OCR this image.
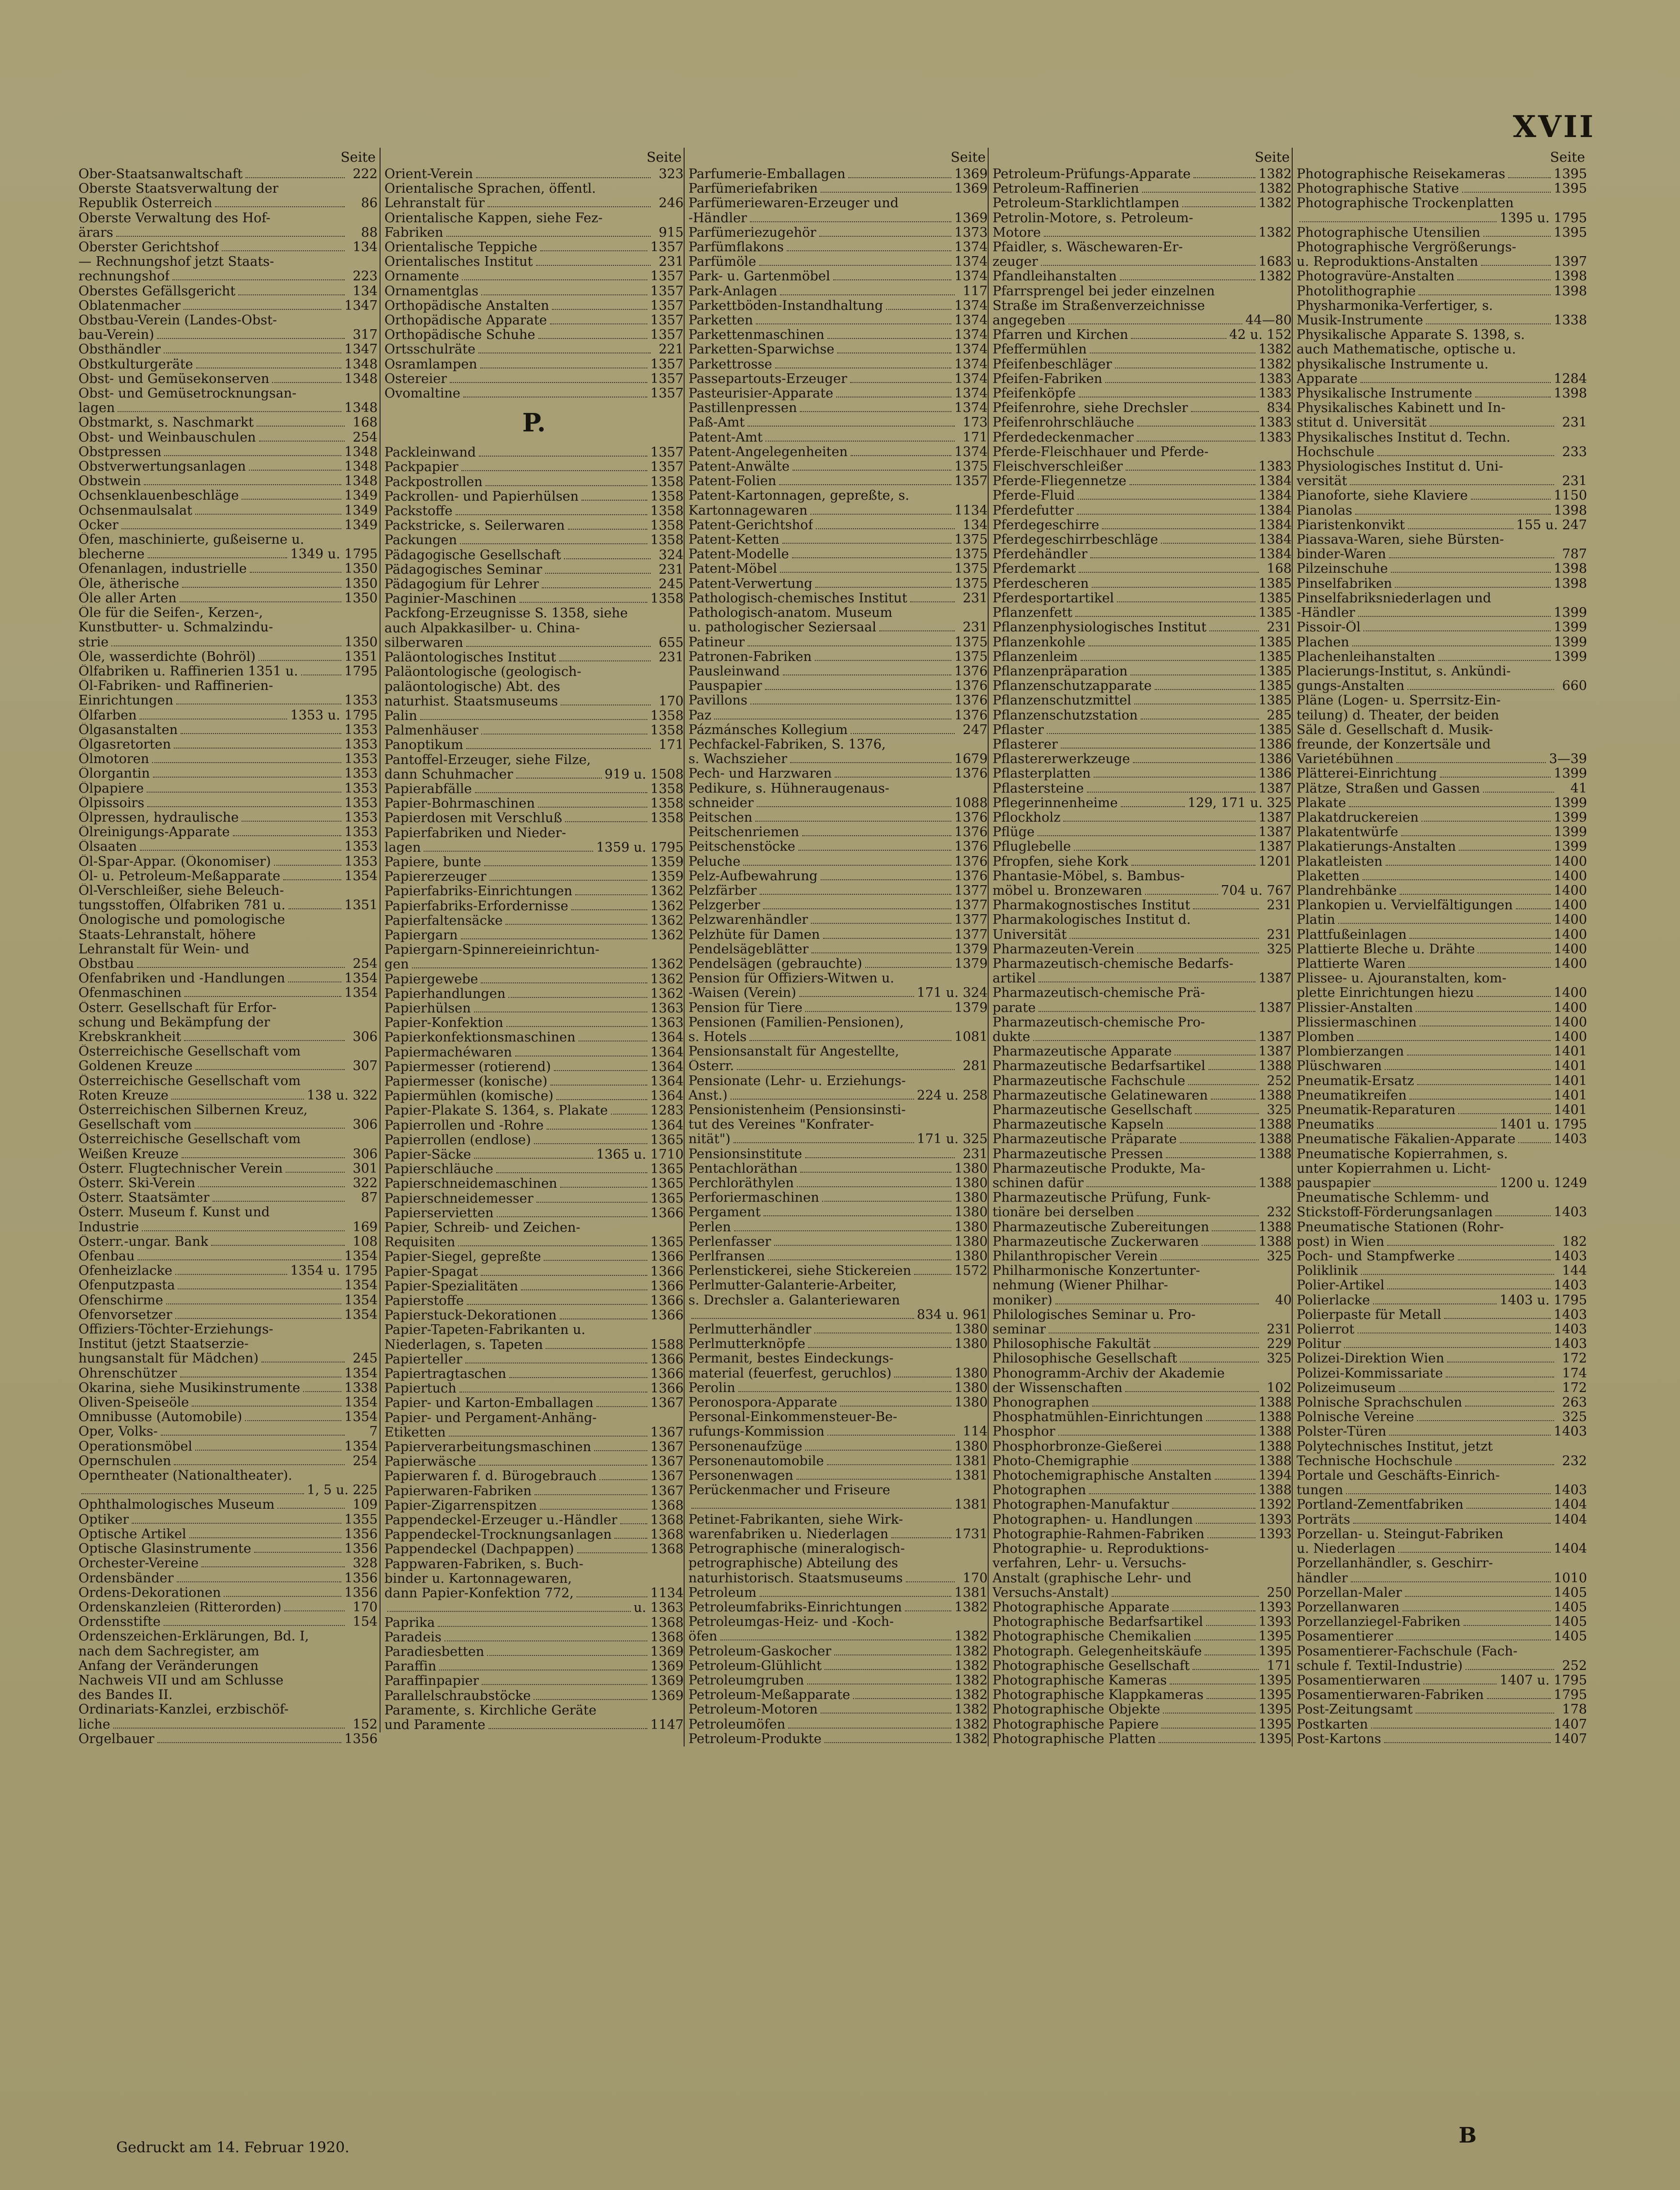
XVII
Seite
Ober-Staatsanwaltschaft	222
Oberste Staatsverwaltung der
Republik Österreich	86
Oberste Verwaltung des Hof-
ärars	88
Oberster Gerichtshof	134
— Rechnungshof jetzt Staats-
rechnungshof	223
Oberstes Gefällsgericht	134
Oblatenmacher	1347
Obstbau-Verein (Landes-Obst-
bau-Verein)	317
Obsthändler	1347
Obstkulturgeräte	1348
Obst- und Gemüsekonserven	1348
Obst- und Gemüsetrocknungsan-
lagen	1348
Obstmarkt, s. Naschmarkt	168
Obst- und Weinbauschulen	254
Obstpressen	1348
Obstverwertungsanlagen	1348
Obstwein	1348
Ochsenklauenbeschläge	1349
Ochsenmaulsalat	1349
Ocker	1349
Öfen, maschinierte, gußeiserne u.
blecherne	1349 u. 1795
Ofenanlagen, industrielle	1350
Öle, ätherische	1350
Öle aller Arten	1350
Öle für die Seifen-, Kerzen-,
Kunstbutter- u. Schmalzindu-
strie	1350
Öle, wasserdichte (Bohröl)	1351
Ölfabriken u. Raffinerien 1351 u.	1795
Öl-Fabriken- und Raffinerien-
Einrichtungen	1353
Ölfarben	1353 u. 1795
Ölgasanstalten	1353
Ölgasretorten	1353
Ölmotoren	1353
Ölorgantin	1353
Ölpapiere	1353
Ölpissoirs	1353
Ölpressen, hydraulische	1353
Ölreinigungs-Apparate	1353
Ölsaaten	1353
Öl-Spar-Appar. (Ökonomiser)	1353
Öl- u. Petroleum-Meßapparate	1354
Öl-Verschleißer, siehe Beleuch-
tungsstoffen, Ölfabriken 781 u.	1351
Önologische und pomologische
Staats-Lehranstalt, höhere
Lehranstalt für Wein- und
Obstbau	254
Ofenfabriken und -Handlungen	1354
Ofenmaschinen	1354
Österr. Gesellschaft für Erfor-
schung und Bekämpfung der
Krebskrankheit	306
Österreichische Gesellschaft vom
Goldenen Kreuze	307
Österreichische Gesellschaft vom
Roten Kreuze	138 u. 322
Österreichischen Silbernen Kreuz,
Gesellschaft vom	306
Österreichische Gesellschaft vom
Weißen Kreuze	306
Österr. Flugtechnischer Verein	301
Österr. Ski-Verein	322
Österr. Staatsämter	87
Österr. Museum f. Kunst und
Industrie	169
Österr.-ungar. Bank	108
Ofenbau	1354
Ofenheizlacke	1354 u. 1795
Ofenputzpasta	1354
Ofenschirme	1354
Ofenvorsetzer	1354
Offiziers-Töchter-Erziehungs-
Institut (jetzt Staatserzie-
hungsanstalt für Mädchen)	245
Ohrenschützer	1354
Okarina, siehe Musikinstrumente	1338
Oliven-Speiseöle	1354
Omnibusse (Automobile)	1354
Oper, Volks-	7
Operationsmöbel	1354
Opernschulen	254
Operntheater (Nationaltheater).
1, 5 u. 225
Ophthalmologisches Museum	109
Optiker	1355
Optische Artikel	1356
Optische Glasinstrumente	1356
Orchester-Vereine	328
Ordensbänder	1356
Ordens-Dekorationen	1356
Ordenskanzleien (Ritterorden)	170
Ordensstifte	154
Ordenszeichen-Erklärungen, Bd. I,
nach dem Sachregister, am
Anfang der Veränderungen
Nachweis VII und am Schlusse
des Bandes II.
Ordinariats-Kanzlei, erzbischöf-
liche	152
Orgelbauer	1356
Seite
Orient-Verein	323
Orientalische Sprachen, öffentl.
Lehranstalt für	246
Orientalische Kappen, siehe Fez-
Fabriken	915
Orientalische Teppiche	1357
Orientalisches Institut	231
Ornamente	1357
Ornamentglas	1357
Orthopädische Anstalten	1357
Orthopädische Apparate	1357
Orthopädische Schuhe	1357
Ortsschulräte	221
Osramlampen	1357
Ostereier	1357
Ovomaltine	1357
P.
Packleinwand	1357
Packpapier	1357
Packpostrollen	1358
Packrollen- und Papierhülsen	1358
Packstoffe	1358
Packstricke, s. Seilerwaren	1358
Packungen	1358
Pädagogische Gesellschaft	324
Pädagogisches Seminar	231
Pädagogium für Lehrer	245
Paginier-Maschinen	1358
Packfong-Erzeugnisse S. 1358, siehe
auch Alpakkasilber- u. China-
silberwaren	655
Paläontologisches Institut	231
Paläontologische (geologisch-
paläontologische) Abt. des
naturhist. Staatsmuseums	170
Palin	1358
Palmenhäuser	1358
Panoptikum	171
Pantoffel-Erzeuger, siehe Filze,
dann Schuhmacher	919 u. 1508
Papierabfälle	1358
Papier-Bohrmaschinen	1358
Papierdosen mit Verschluß	1358
Papierfabriken und Nieder-
lagen	1359 u. 1795
Papiere, bunte	1359
Papiererzeuger	1359
Papierfabriks-Einrichtungen	1362
Papierfabriks-Erfordernisse	1362
Papierfaltensäcke	1362
Papiergarn	1362
Papiergarn-Spinnereieinrichtun-
gen	1362
Papiergewebe	1362
Papierhandlungen	1362
Papierhülsen	1363
Papier-Konfektion	1363
Papierkonfektionsmaschinen	1364
Papiermachéwaren	1364
Papiermesser (rotierend)	1364
Papiermesser (konische)	1364
Papiermühlen (komische)	1364
Papier-Plakate S. 1364, s. Plakate	1283
Papierrollen und -Rohre	1364
Papierrollen (endlose)	1365
Papier-Säcke	1365 u. 1710
Papierschläuche	1365
Papierschneidemaschinen	1365
Papierschneidemesser	1365
Papierservietten	1366
Papier, Schreib- und Zeichen-
Requisiten	1365
Papier-Siegel, gepreßte	1366
Papier-Spagat	1366
Papier-Spezialitäten	1366
Papierstoffe	1366
Papierstuck-Dekorationen	1366
Papier-Tapeten-Fabrikanten u.
Niederlagen, s. Tapeten	1588
Papierteller	1366
Papiertragtaschen	1366
Papiertuch	1366
Papier- und Karton-Emballagen	1367
Papier- und Pergament-Anhäng-
Etiketten	1367
Papierverarbeitungsmaschinen	1367
Papierwäsche	1367
Papierwaren f. d. Bürogebrauch	1367
Papierwaren-Fabriken	1367
Papier-Zigarrenspitzen	1368
Pappendeckel-Erzeuger u.-Händler	1368
Pappendeckel-Trocknungsanlagen	1368
Pappendeckel (Dachpappen)	1368
Pappwaren-Fabriken, s. Buch-
binder u. Kartonnagewaren,
dann Papier-Konfektion 772,	1134
u. 1363
Paprika	1368
Paradeis	1368
Paradiesbetten	1369
Paraffin	1369
Paraffinpapier	1369
Parallelschraubstöcke	1369
Paramente, s. Kirchliche Geräte
und Paramente	1147
Seite
Parfumerie-Emballagen	1369
Parfümeriefabriken	1369
Parfümeriewaren-Erzeuger und
-Händler	1369
Parfümeriezugehör	1373
Parfümflakons	1374
Parfümöle	1374
Park- u. Gartenmöbel	1374
Park-Anlagen	117
Parkettböden-Instandhaltung	1374
Parketten	1374
Parkettenmaschinen	1374
Parketten-Sparwichse	1374
Parkettrosse	1374
Passepartouts-Erzeuger	1374
Pasteurisier-Apparate	1374
Pastillenpressen	1374
Paß-Amt	173
Patent-Amt	171
Patent-Angelegenheiten	1374
Patent-Anwälte	1375
Patent-Folien	1357
Patent-Kartonnagen, gepreßte, s.
Kartonnagewaren	1134
Patent-Gerichtshof	134
Patent-Ketten	1375
Patent-Modelle	1375
Patent-Möbel	1375
Patent-Verwertung	1375
Pathologisch-chemisches Institut	231
Pathologisch-anatom. Museum
u. pathologischer Seziersaal	231
Patineur	1375
Patronen-Fabriken	1375
Pausleinwand	1376
Pauspapier	1376
Pavillons	1376
Paz	1376
Pázmánsches Kollegium	247
Pechfackel-Fabriken, S. 1376,
s. Wachszieher	1679
Pech- und Harzwaren	1376
Pedikure, s. Hühneraugenaus-
schneider	1088
Peitschen	1376
Peitschenriemen	1376
Peitschenstöcke	1376
Peluche	1376
Pelz-Aufbewahrung	1376
Pelzfärber	1377
Pelzgerber	1377
Pelzwarenhändler	1377
Pelzhüte für Damen	1377
Pendelsägeblätter	1379
Pendelsägen (gebrauchte)	1379
Pension für Offiziers-Witwen u.
-Waisen (Verein)	171 u. 324
Pension für Tiere	1379
Pensionen (Familien-Pensionen),
s. Hotels	1081
Pensionsanstalt für Angestellte,
Österr.	281
Pensionate (Lehr- u. Erziehungs-
Anst.)	224 u. 258
Pensionistenheim (Pensionsinsti-
tut des Vereines "Konfrater-
nität")	171 u. 325
Pensionsinstitute	231
Pentachloräthan	1380
Perchloräthylen	1380
Perforiermaschinen	1380
Pergament	1380
Perlen	1380
Perlenfasser	1380
Perlfransen	1380
Perlenstickerei, siehe Stickereien	1572
Perlmutter-Galanterie-Arbeiter,
s. Drechsler a. Galanteriewaren
834 u. 961
Perlmutterhändler	1380
Perlmutterknöpfe	1380
Permanit, bestes Eindeckungs-
material (feuerfest, geruchlos)	1380
Perolin	1380
Peronospora-Apparate	1380
Personal-Einkommensteuer-Be-
rufungs-Kommission	114
Personenaufzüge	1380
Personenautomobile	1381
Personenwagen	1381
Perückenmacher und Friseure
1381
Petinet-Fabrikanten, siehe Wirk-
warenfabriken u. Niederlagen	1731
Petrographische (mineralogisch-
petrographische) Abteilung des
naturhistorisch. Staatsmuseums	170
Petroleum	1381
Petroleumfabriks-Einrichtungen	1382
Petroleumgas-Heiz- und -Koch-
öfen	1382
Petroleum-Gaskocher	1382
Petroleum-Glühlicht	1382
Petroleumgruben	1382
Petroleum-Meßapparate	1382
Petroleum-Motoren	1382
Petroleumöfen	1382
Petroleum-Produkte	1382
Seite
Petroleum-Prüfungs-Apparate	1382
Petroleum-Raffinerien	1382
Petroleum-Starklichtlampen	1382
Petrolin-Motore, s. Petroleum-
Motore	1382
Pfaidler, s. Wäschewaren-Er-
zeuger	1683
Pfandleihanstalten	1382
Pfarrsprengel bei jeder einzelnen
Straße im Straßenverzeichnisse
angegeben	44—80
Pfarren und Kirchen	42 u. 152
Pfeffermühlen	1382
Pfeifenbeschläger	1382
Pfeifen-Fabriken	1383
Pfeifenköpfe	1383
Pfeifenrohre, siehe Drechsler	834
Pfeifenrohrschläuche	1383
Pferdedeckenmacher	1383
Pferde-Fleischhauer und Pferde-
Fleischverschleißer	1383
Pferde-Fliegennetze	1384
Pferde-Fluid	1384
Pferdefutter	1384
Pferdegeschirre	1384
Pferdegeschirrbeschläge	1384
Pferdehändler	1384
Pferdemarkt	168
Pferdescheren	1385
Pferdesportartikel	1385
Pflanzenfett	1385
Pflanzenphysiologisches Institut	231
Pflanzenkohle	1385
Pflanzenleim	1385
Pflanzenpräparation	1385
Pflanzenschutzapparate	1385
Pflanzenschutzmittel	1385
Pflanzenschutzstation	285
Pflaster	1385
Pflasterer	1386
Pflastererwerkzeuge	1386
Pflasterplatten	1386
Pflastersteine	1387
Pflegerinnenheime	129, 171 u. 325
Pflockholz	1387
Pflüge	1387
Pfluglebelle	1387
Pfropfen, siehe Kork	1201
Phantasie-Möbel, s. Bambus-
möbel u. Bronzewaren	704 u. 767
Pharmakognostisches Institut	231
Pharmakologisches Institut d.
Universität	231
Pharmazeuten-Verein	325
Pharmazeutisch-chemische Bedarfs-
artikel	1387
Pharmazeutisch-chemische Prä-
parate	1387
Pharmazeutisch-chemische Pro-
dukte	1387
Pharmazeutische Apparate	1387
Pharmazeutische Bedarfsartikel	1388
Pharmazeutische Fachschule	252
Pharmazeutische Gelatinewaren	1388
Pharmazeutische Gesellschaft	325
Pharmazeutische Kapseln	1388
Pharmazeutische Präparate	1388
Pharmazeutische Pressen	1388
Pharmazeutische Produkte, Ma-
schinen dafür	1388
Pharmazeutische Prüfung, Funk-
tionäre bei derselben	232
Pharmazeutische Zubereitungen	1388
Pharmazeutische Zuckerwaren	1388
Philanthropischer Verein	325
Philharmonische Konzertunter-
nehmung (Wiener Philhar-
moniker)	40
Philologisches Seminar u. Pro-
seminar	231
Philosophische Fakultät	229
Philosophische Gesellschaft	325
Phonogramm-Archiv der Akademie
der Wissenschaften	102
Phonographen	1388
Phosphatmühlen-Einrichtungen	1388
Phosphor	1388
Phosphorbronze-Gießerei	1388
Photo-Chemigraphie	1388
Photochemigraphische Anstalten	1394
Photographen	1388
Photographen-Manufaktur	1392
Photographen- u. Handlungen	1393
Photographie-Rahmen-Fabriken	1393
Photographie- u. Reproduktions-
verfahren, Lehr- u. Versuchs-
Anstalt (graphische Lehr- und
Versuchs-Anstalt)	250
Photographische Apparate	1393
Photographische Bedarfsartikel	1393
Photographische Chemikalien	1395
Photograph. Gelegenheitskäufe	1395
Photographische Gesellschaft	171
Photographische Kameras	1395
Photographische Klappkameras	1395
Photographische Objekte	1395
Photographische Papiere	1395
Photographische Platten	1395
Seite
Photographische Reisekameras	1395
Photographische Stative	1395
Photographische Trockenplatten
1395 u. 1795
Photographische Utensilien	1395
Photographische Vergrößerungs-
u. Reproduktions-Anstalten	1397
Photogravüre-Anstalten	1398
Photolithographie	1398
Physharmonika-Verfertiger, s.
Musik-Instrumente	1338
Physikalische Apparate S. 1398, s.
auch Mathematische, optische u.
physikalische Instrumente u.
Apparate	1284
Physikalische Instrumente	1398
Physikalisches Kabinett und In-
stitut d. Universität	231
Physikalisches Institut d. Techn.
Hochschule	233
Physiologisches Institut d. Uni-
versität	231
Pianoforte, siehe Klaviere	1150
Pianolas	1398
Piaristenkonvikt	155 u. 247
Piassava-Waren, siehe Bürsten-
binder-Waren	787
Pilzeinschuhe	1398
Pinselfabriken	1398
Pinselfabriksniederlagen und
-Händler	1399
Pissoir-Öl	1399
Plachen	1399
Plachenleihanstalten	1399
Placierungs-Institut, s. Ankündi-
gungs-Anstalten	660
Pläne (Logen- u. Sperrsitz-Ein-
teilung) d. Theater, der beiden
Säle d. Gesellschaft d. Musik-
freunde, der Konzertsäle und
Varietébühnen	3—39
Plätterei-Einrichtung	1399
Plätze, Straßen und Gassen	41
Plakate	1399
Plakatdruckereien	1399
Plakatentwürfe	1399
Plakatierungs-Anstalten	1399
Plakatleisten	1400
Plaketten	1400
Plandrehbänke	1400
Plankopien u. Vervielfältigungen	1400
Platin	1400
Plattfußeinlagen	1400
Plattierte Bleche u. Drähte	1400
Plattierte Waren	1400
Plissee- u. Ajouranstalten, kom-
plette Einrichtungen hiezu	1400
Plissier-Anstalten	1400
Plissiermaschinen	1400
Plomben	1400
Plombierzangen	1401
Plüschwaren	1401
Pneumatik-Ersatz	1401
Pneumatikreifen	1401
Pneumatik-Reparaturen	1401
Pneumatiks	1401 u. 1795
Pneumatische Fäkalien-Apparate	1403
Pneumatische Kopierrahmen, s.
unter Kopierrahmen u. Licht-
pauspapier	1200 u. 1249
Pneumatische Schlemm- und
Stickstoff-Förderungsanlagen	1403
Pneumatische Stationen (Rohr-
post) in Wien	182
Poch- und Stampfwerke	1403
Poliklinik	144
Polier-Artikel	1403
Polierlacke	1403 u. 1795
Polierpaste für Metall	1403
Polierrot	1403
Politur	1403
Polizei-Direktion Wien	172
Polizei-Kommissariate	174
Polizeimuseum	172
Polnische Sprachschulen	263
Polnische Vereine	325
Polster-Türen	1403
Polytechnisches Institut, jetzt
Technische Hochschule	232
Portale und Geschäfts-Einrich-
tungen	1403
Portland-Zementfabriken	1404
Porträts	1404
Porzellan- u. Steingut-Fabriken
u. Niederlagen	1404
Porzellanhändler, s. Geschirr-
händler	1010
Porzellan-Maler	1405
Porzellanwaren	1405
Porzellanziegel-Fabriken	1405
Posamentierer	1405
Posamentierer-Fachschule (Fach-
schule f. Textil-Industrie)	252
Posamentierwaren	1407 u. 1795
Posamentierwaren-Fabriken	1795
Post-Zeitungsamt	178
Postkarten	1407
Post-Kartons	1407
Gedruckt am 14. Februar 1920.	B
